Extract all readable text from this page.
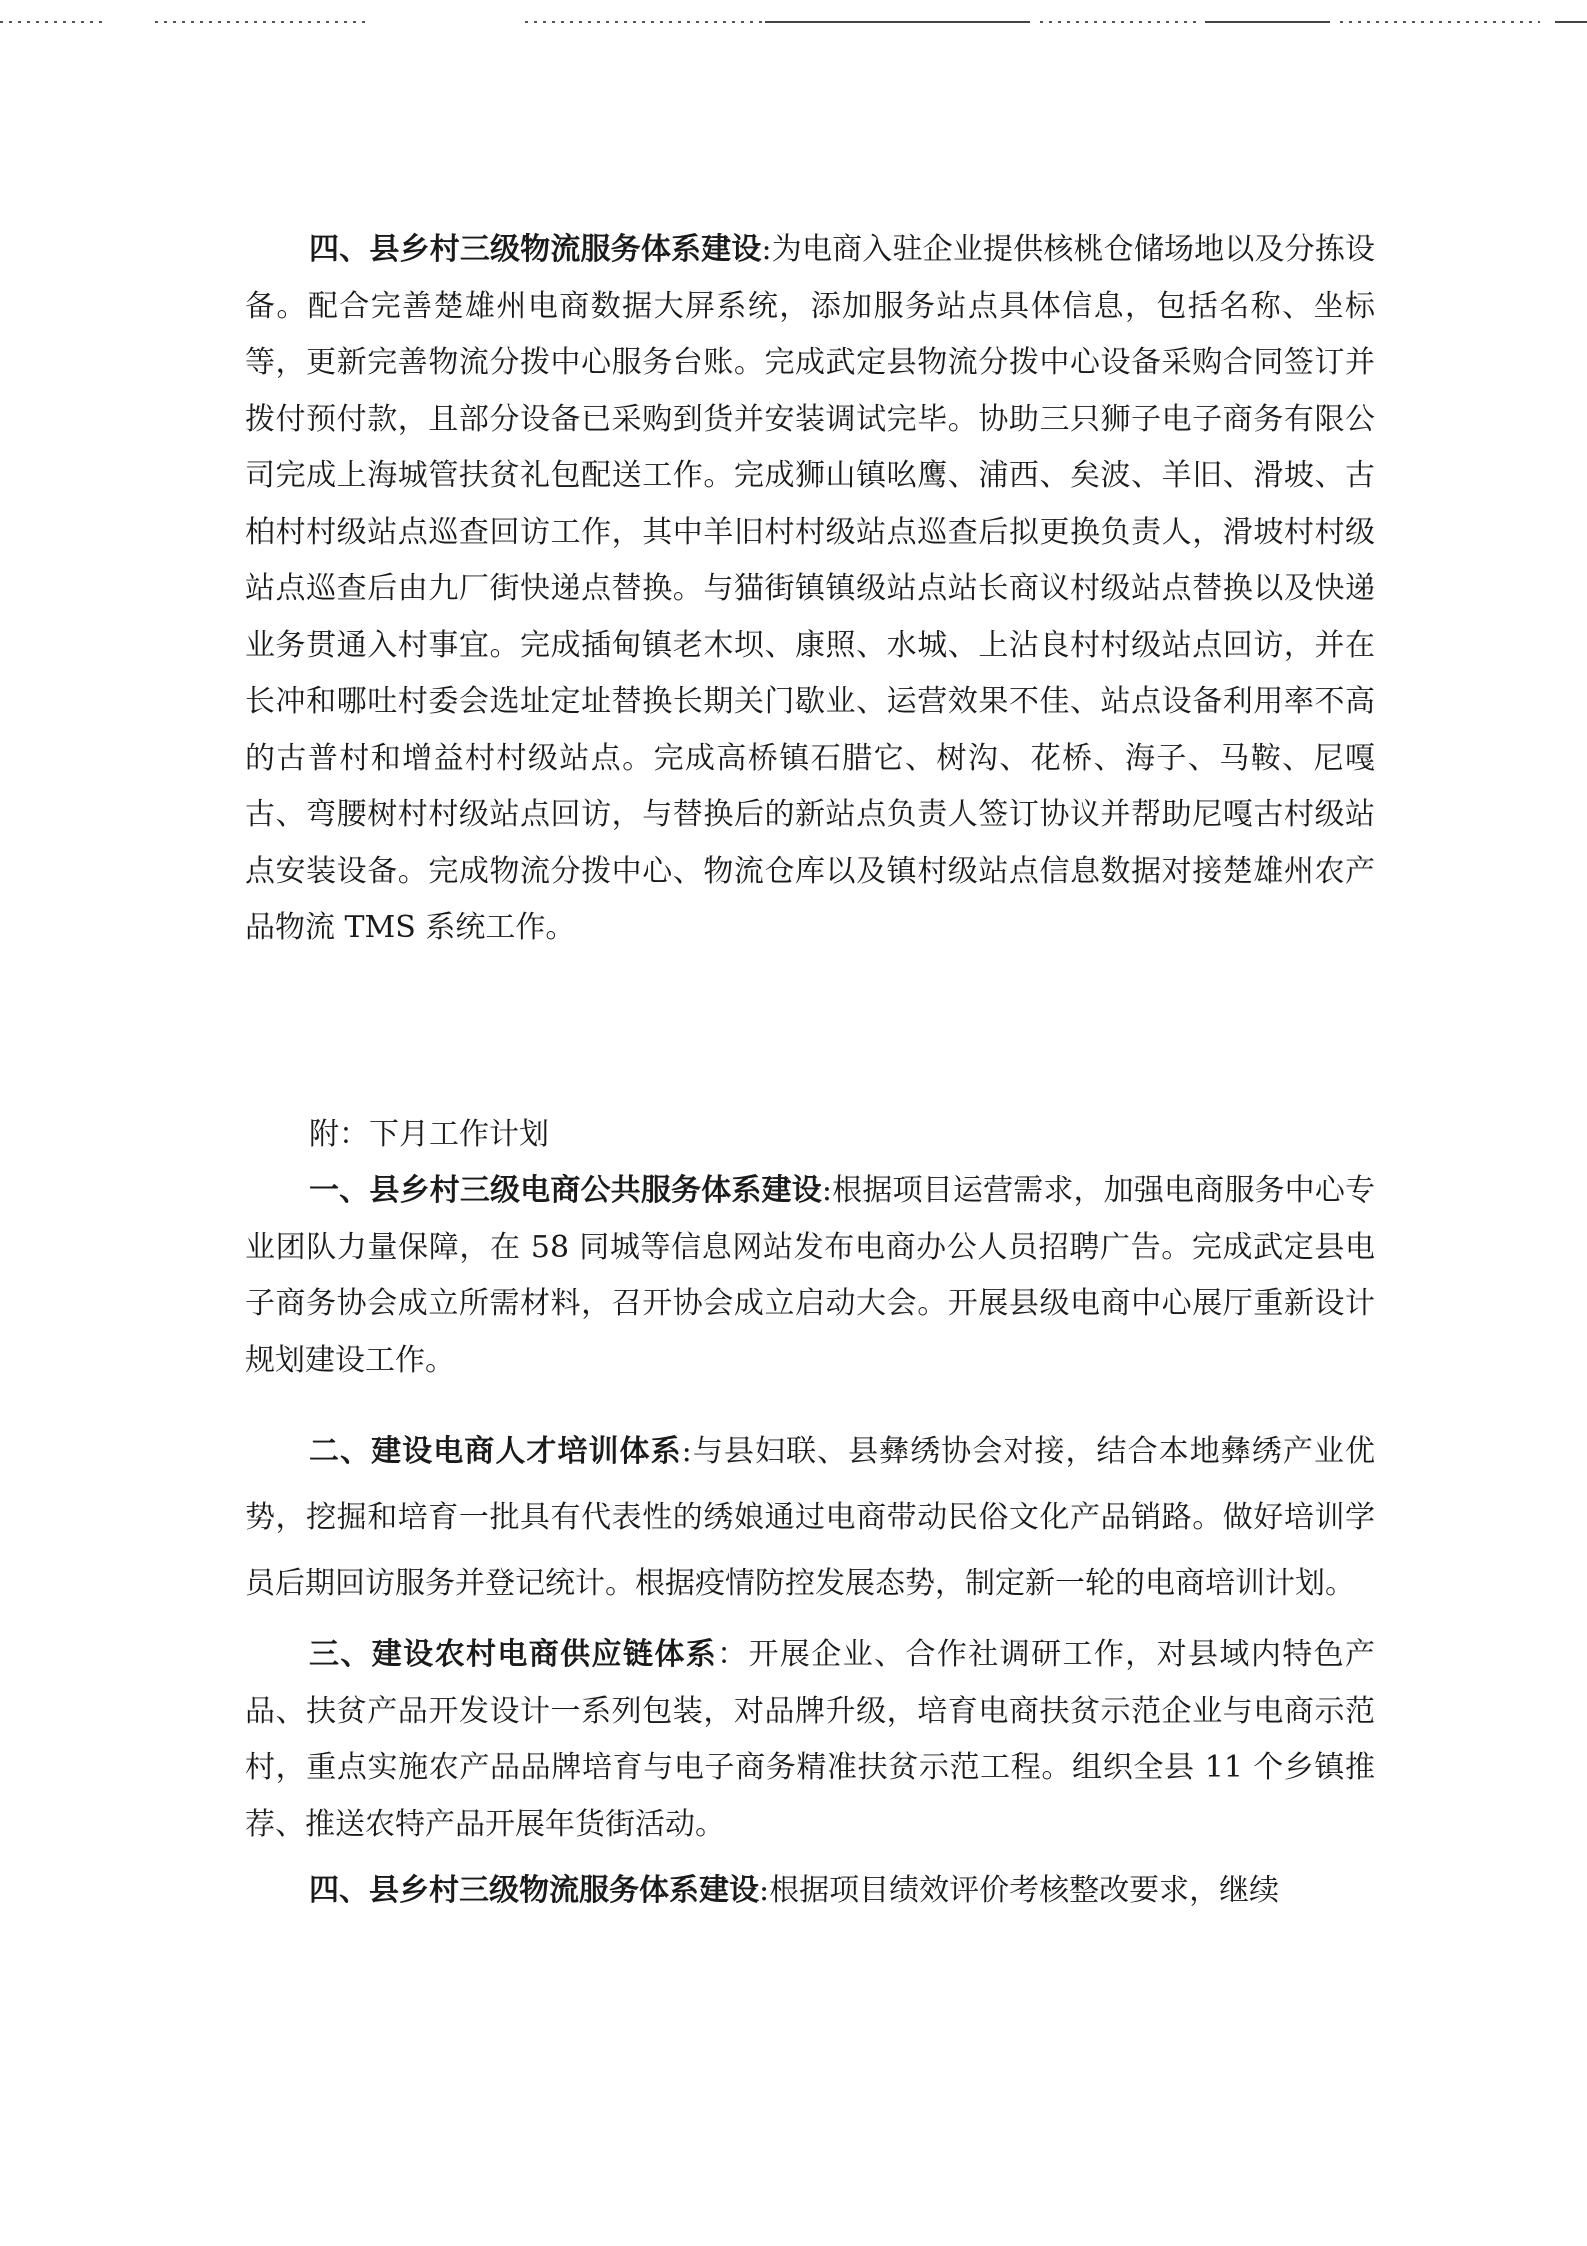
四、县乡村三级物流服务体系建设:为电商入驻企业提供核桃仓储场地以及分拣设备。配合完善楚雄州电商数据大屏系统，添加服务站点具体信息，包括名称、坐标等，更新完善物流分拨中心服务台账。完成武定县物流分拨中心设备采购合同签订并拨付预付款，且部分设备已采购到货并安装调试完毕。协助三只狮子电子商务有限公司完成上海城管扶贫礼包配送工作。完成狮山镇吆鹰、浦西、矣波、羊旧、滑坡、古柏村村级站点巡查回访工作，其中羊旧村村级站点巡查后拟更换负责人，滑坡村村级站点巡查后由九厂街快递点替换。与猫街镇镇级站点站长商议村级站点替换以及快递业务贯通入村事宜。完成插甸镇老木坝、康照、水城、上沾良村村级站点回访，并在长冲和哪吐村委会选址定址替换长期关门歇业、运营效果不佳、站点设备利用率不高的古普村和增益村村级站点。完成高桥镇石腊它、树沟、花桥、海子、马鞍、尼嘎古、弯腰树村村级站点回访，与替换后的新站点负责人签订协议并帮助尼嘎古村级站点安装设备。完成物流分拨中心、物流仓库以及镇村级站点信息数据对接楚雄州农产品物流 TMS 系统工作。

附：下月工作计划

一、县乡村三级电商公共服务体系建设:根据项目运营需求，加强电商服务中心专业团队力量保障，在 58 同城等信息网站发布电商办公人员招聘广告。完成武定县电子商务协会成立所需材料，召开协会成立启动大会。开展县级电商中心展厅重新设计规划建设工作。

二、建设电商人才培训体系:与县妇联、县彝绣协会对接，结合本地彝绣产业优势，挖掘和培育一批具有代表性的绣娘通过电商带动民俗文化产品销路。做好培训学员后期回访服务并登记统计。根据疫情防控发展态势，制定新一轮的电商培训计划。

三、建设农村电商供应链体系：开展企业、合作社调研工作，对县域内特色产品、扶贫产品开发设计一系列包装，对品牌升级，培育电商扶贫示范企业与电商示范村，重点实施农产品品牌培育与电子商务精准扶贫示范工程。组织全县 11 个乡镇推荐、推送农特产品开展年货街活动。

四、县乡村三级物流服务体系建设:根据项目绩效评价考核整改要求，继续
